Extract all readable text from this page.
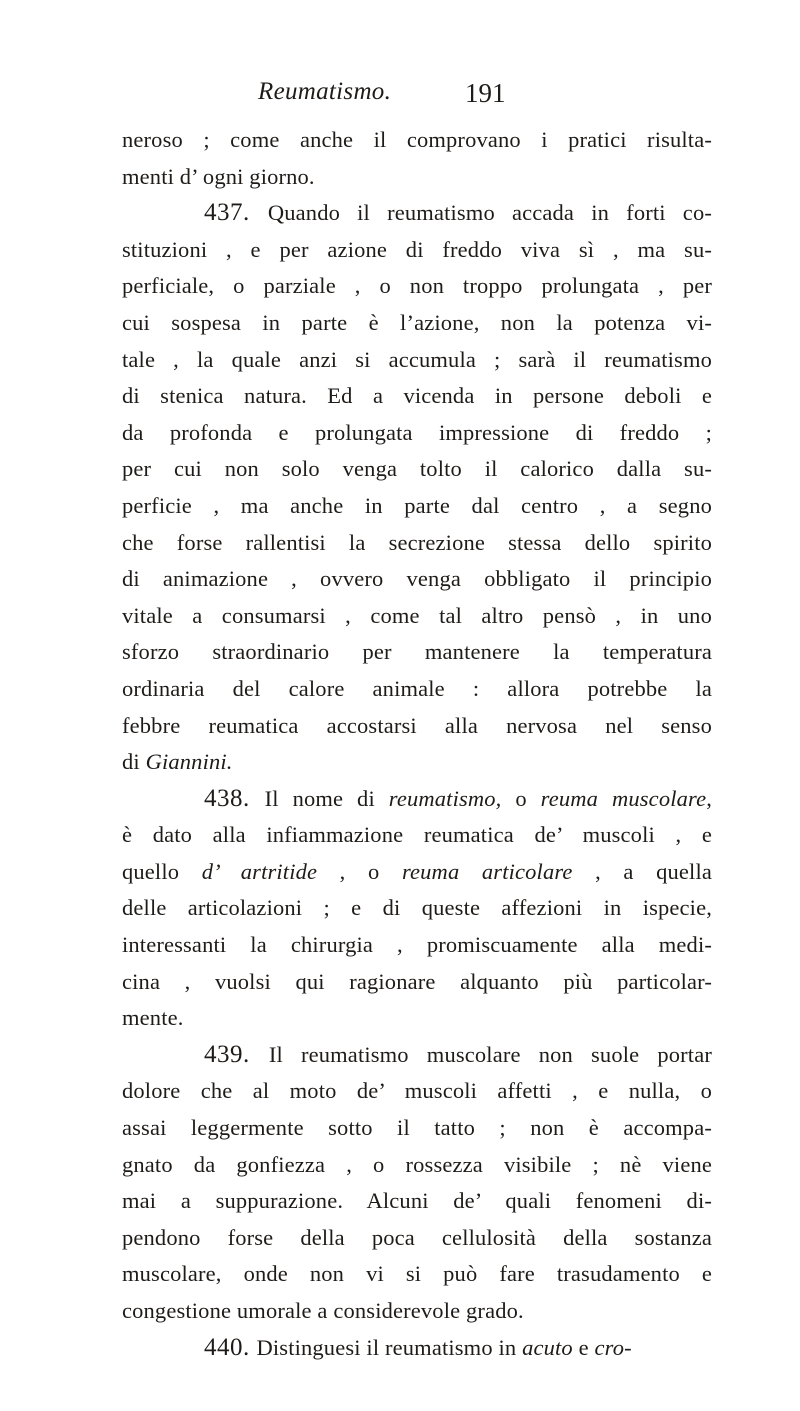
Reumatismo.	191
neroso ; come anche il comprovano i pratici risulta-
menti d’ ogni giorno.
437. Quando il reumatismo accada in forti co-
stituzioni , e per azione di freddo viva sì , ma su-
perficiale, o parziale , o non troppo prolungata , per
cui sospesa in parte è l’azione, non la potenza vi-
tale , la quale anzi si accumula ; sarà il reumatismo
di stenica natura. Ed a vicenda in persone deboli e
da profonda e prolungata impressione di freddo ;
per cui non solo venga tolto il calorico dalla su-
perficie , ma anche in parte dal centro , a segno
che forse rallentisi la secrezione stessa dello spirito
di animazione , ovvero venga obbligato il principio
vitale a consumarsi , come tal altro pensò , in uno
sforzo straordinario per mantenere la temperatura
ordinaria del calore animale : allora potrebbe la
febbre reumatica accostarsi alla nervosa nel senso
di Giannini.
438. Il nome di reumatismo, o reuma muscolare,
è dato alla infiammazione reumatica de’ muscoli , e
quello d’ artritide , o reuma articolare , a quella
delle articolazioni ; e di queste affezioni in ispecie,
interessanti la chirurgia , promiscuamente alla medi-
cina , vuolsi qui ragionare alquanto più particolar-
mente.
439. Il reumatismo muscolare non suole portar
dolore che al moto de’ muscoli affetti , e nulla, o
assai leggermente sotto il tatto ; non è accompa-
gnato da gonfiezza , o rossezza visibile ; nè viene
mai a suppurazione. Alcuni de’ quali fenomeni di-
pendono forse della poca cellulosità della sostanza
muscolare, onde non vi si può fare trasudamento e
congestione umorale a considerevole grado.
440. Distinguesi il reumatismo in acuto e cro-
